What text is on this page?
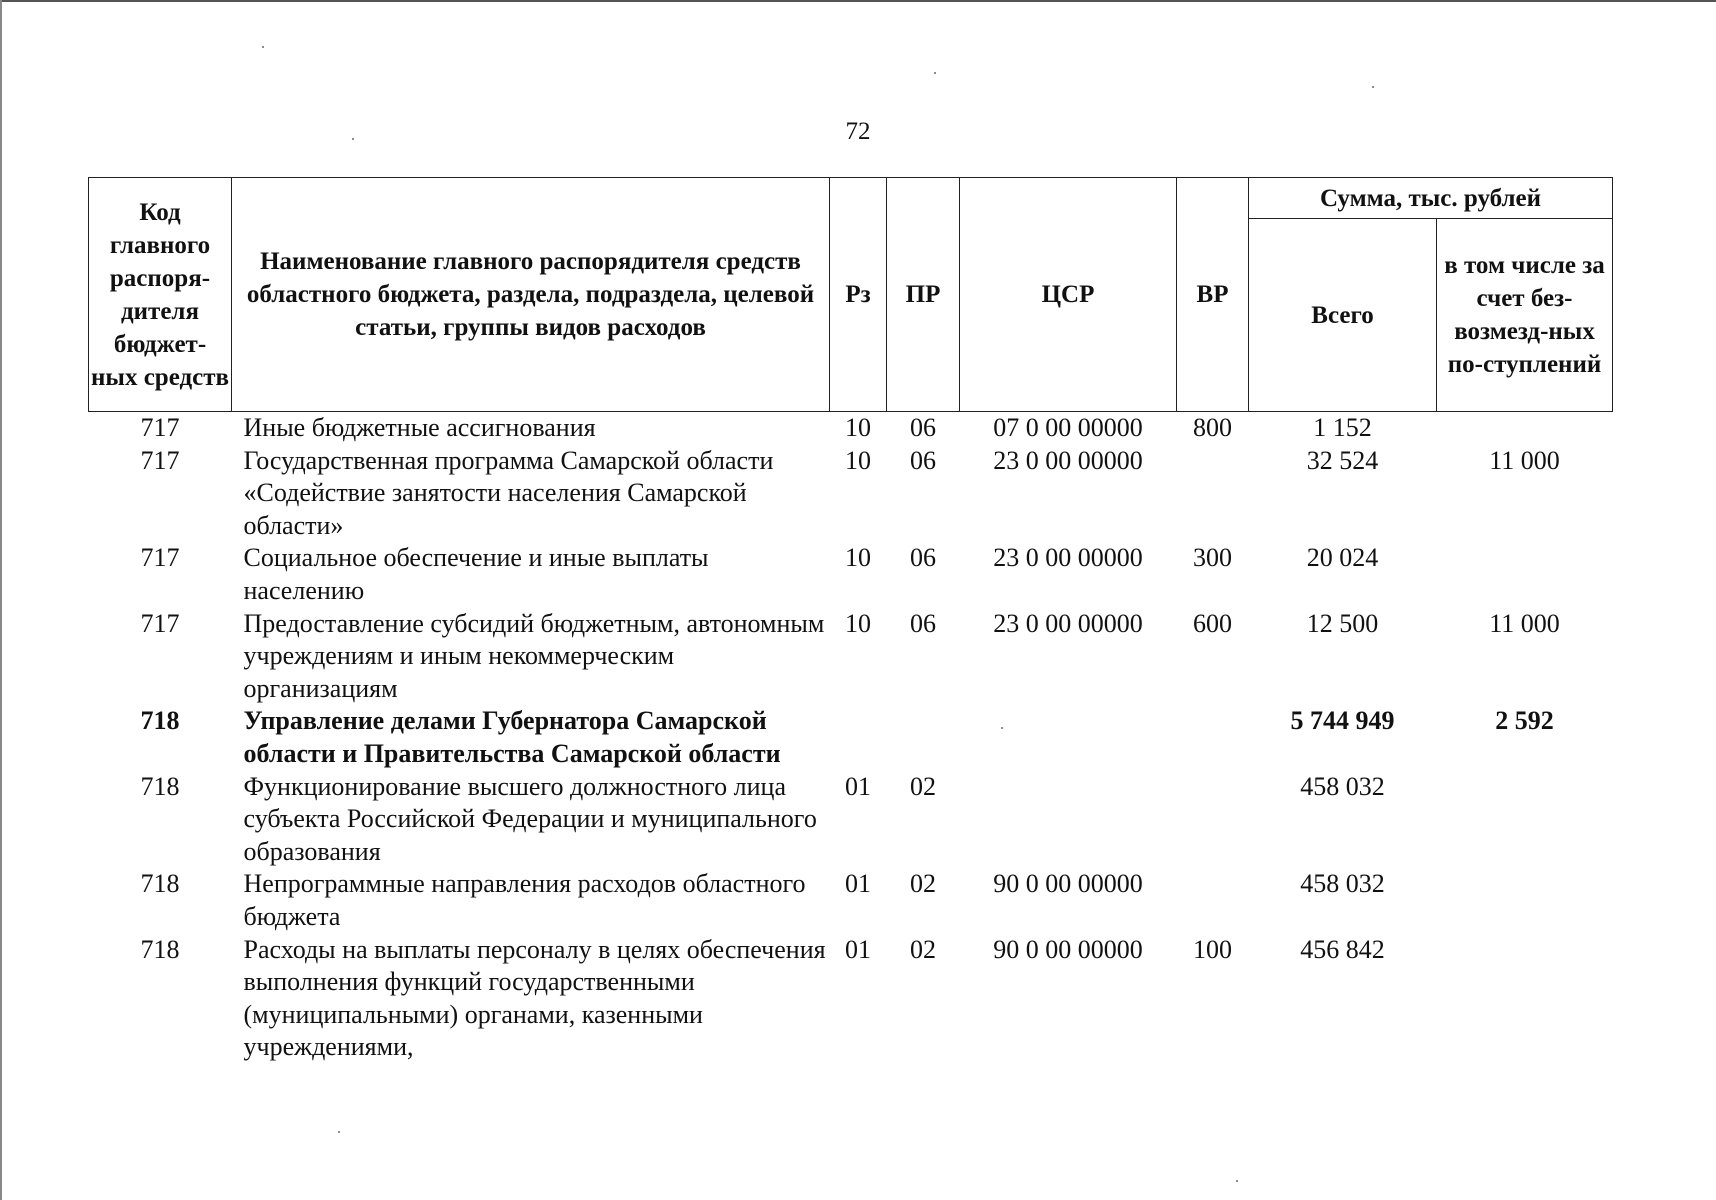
72
Код главного распоря-дителя бюджет-ных средств	Наименование главного распорядителя средств областного бюджета, раздела, подраздела, целевой статьи, группы видов расходов	Рз	ПР	ЦСР	ВР	Сумма, тыс. рублей	
						Всего	в том числе за счет без-возмезд-ных по-ступлений
717	Иные бюджетные ассигнования	10	06	07 0 00 00000	800	1 152	
717	Государственная программа Самарской области «Содействие занятости населения Самарской области»	10	06	23 0 00 00000		32 524	11 000
717	Социальное обеспечение и иные выплаты населению	10	06	23 0 00 00000	300	20 024	
717	Предоставление субсидий бюджетным, автономным учреждениям и иным некоммерческим организациям	10	06	23 0 00 00000	600	12 500	11 000
718	Управление делами Губернатора Самарской области и Правительства Самарской области					5 744 949	2 592
718	Функционирование высшего должностного лица субъекта Российской Федерации и муниципального образования	01	02			458 032	
718	Непрограммные направления расходов областного бюджета	01	02	90 0 00 00000		458 032	
718	Расходы на выплаты персоналу в целях обеспечения выполнения функций государственными (муниципальными) органами, казенными учреждениями,	01	02	90 0 00 00000	100	456 842	
